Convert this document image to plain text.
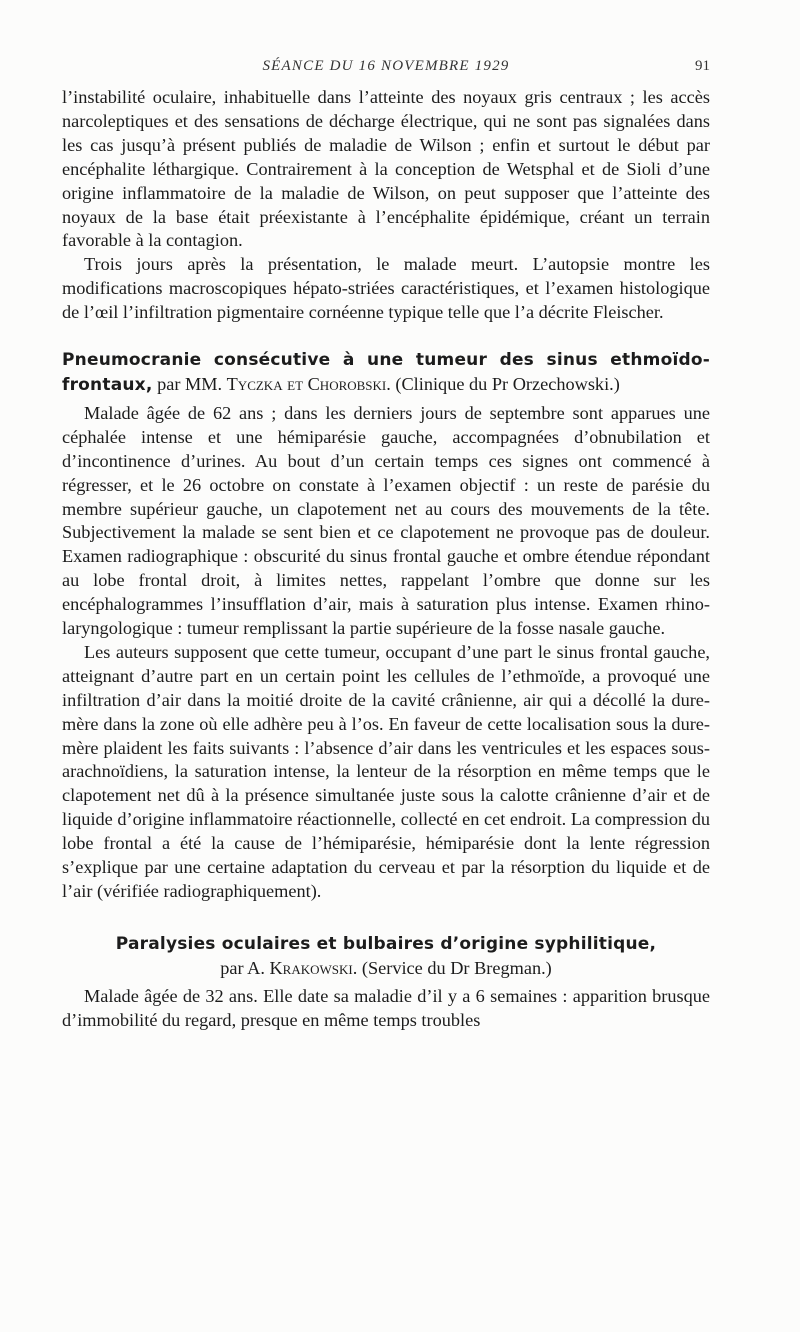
SÉANCE DU 16 NOVEMBRE 1929	91

l’instabilité oculaire, inhabituelle dans l’atteinte des noyaux gris centraux ; les accès narcoleptiques et des sensations de décharge électrique, qui ne sont pas signalées dans les cas jusqu’à présent publiés de maladie de Wilson ; enfin et surtout le début par encéphalite léthargique. Contrairement à la conception de Wetsphal et de Sioli d’une origine inflammatoire de la maladie de Wilson, on peut supposer que l’atteinte des noyaux de la base était préexistante à l’encéphalite épidémique, créant un terrain favorable à la contagion.

Trois jours après la présentation, le malade meurt. L’autopsie montre les modifications macroscopiques hépato-striées caractéristiques, et l’examen histologique de l’œil l’infiltration pigmentaire cornéenne typique telle que l’a décrite Fleischer.

Pneumocranie consécutive à une tumeur des sinus ethmoïdo-frontaux, par MM. Tyczka et Chorobski. (Clinique du Pr Orzechowski.)

Malade âgée de 62 ans ; dans les derniers jours de septembre sont apparues une céphalée intense et une hémiparésie gauche, accompagnées d’obnubilation et d’incontinence d’urines. Au bout d’un certain temps ces signes ont commencé à régresser, et le 26 octobre on constate à l’examen objectif : un reste de parésie du membre supérieur gauche, un clapotement net au cours des mouvements de la tête. Subjectivement la malade se sent bien et ce clapotement ne provoque pas de douleur. Examen radiographique : obscurité du sinus frontal gauche et ombre étendue répondant au lobe frontal droit, à limites nettes, rappelant l’ombre que donne sur les encéphalogrammes l’insufflation d’air, mais à saturation plus intense. Examen rhino-laryngologique : tumeur remplissant la partie supérieure de la fosse nasale gauche.

Les auteurs supposent que cette tumeur, occupant d’une part le sinus frontal gauche, atteignant d’autre part en un certain point les cellules de l’ethmoïde, a provoqué une infiltration d’air dans la moitié droite de la cavité crânienne, air qui a décollé la dure-mère dans la zone où elle adhère peu à l’os. En faveur de cette localisation sous la dure-mère plaident les faits suivants : l’absence d’air dans les ventricules et les espaces sous-arachnoïdiens, la saturation intense, la lenteur de la résorption en même temps que le clapotement net dû à la présence simultanée juste sous la calotte crânienne d’air et de liquide d’origine inflammatoire réactionnelle, collecté en cet endroit. La compression du lobe frontal a été la cause de l’hémiparésie, hémiparésie dont la lente régression s’explique par une certaine adaptation du cerveau et par la résorption du liquide et de l’air (vérifiée radiographiquement).

Paralysies oculaires et bulbaires d’origine syphilitique,
par A. Krakowski. (Service du Dr Bregman.)

Malade âgée de 32 ans. Elle date sa maladie d’il y a 6 semaines : apparition brusque d’immobilité du regard, presque en même temps troubles
